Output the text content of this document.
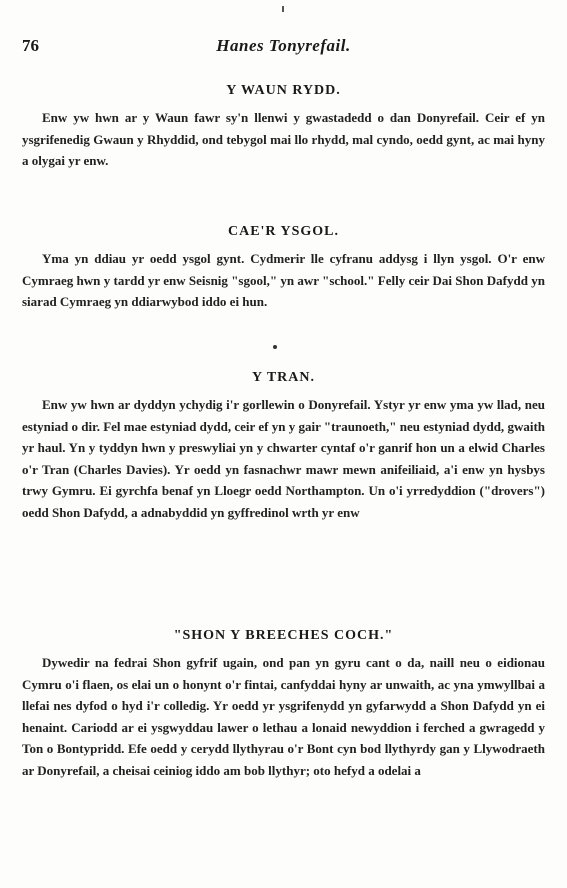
76	Hanes Tonyrefail.
Y WAUN RYDD.

Enw yw hwn ar y Waun fawr sy'n llenwi y gwastadedd o dan Donyrefail. Ceir ef yn ysgrifenedig Gwaun y Rhyddid, ond tebygol mai llo rhydd, mal cyndo, oedd gynt, ac mai hyny a olygai yr enw.

CAE'R YSGOL.

Yma yn ddiau yr oedd ysgol gynt. Cydmerir lle cyfranu addysg i llyn ysgol. O'r enw Cymraeg hwn y tardd yr enw Seisnig "sgool," yn awr "school." Felly ceir Dai Shon Dafydd yn siarad Cymraeg yn ddiarwybod iddo ei hun.

Y TRAN.

Enw yw hwn ar dyddyn ychydig i'r gorllewin o Donyrefail. Ystyr yr enw yma yw llad, neu estyniad o dir. Fel mae estyniad dydd, ceir ef yn y gair "traunoeth," neu estyniad dydd, gwaith yr haul. Yn y tyddyn hwn y preswyliai yn y chwarter cyntaf o'r ganrif hon un a elwid Charles o'r Tran (Charles Davies). Yr oedd yn fasnachwr mawr mewn anifeiliaid, a'i enw yn hysbys trwy Gymru. Ei gyrchfa benaf yn Lloegr oedd Northampton. Un o'i yrredyddion ("drovers") oedd Shon Dafydd, a adnabyddid yn gyffredinol wrth yr enw

"SHON Y BREECHES COCH."

Dywedir na fedrai Shon gyfrif ugain, ond pan yn gyru cant o da, naill neu o eidionau Cymru o'i flaen, os elai un o honynt o'r fintai, canfyddai hyny ar unwaith, ac yna ymwyllbai a llefai nes dyfod o hyd i'r colledig. Yr oedd yr ysgrifenydd yn gyfarwydd a Shon Dafydd yn ei henaint. Cariodd ar ei ysgwyddau lawer o lethau a lonaid newyddion i ferched a gwragedd y Ton o Bontypridd. Efe oedd y cerydd llythyrau o'r Bont cyn bod llythyrdy gan y Llywodraeth ar Donyrefail, a cheisai ceiniog iddo am bob llythyr; oto hefyd a odelai a
